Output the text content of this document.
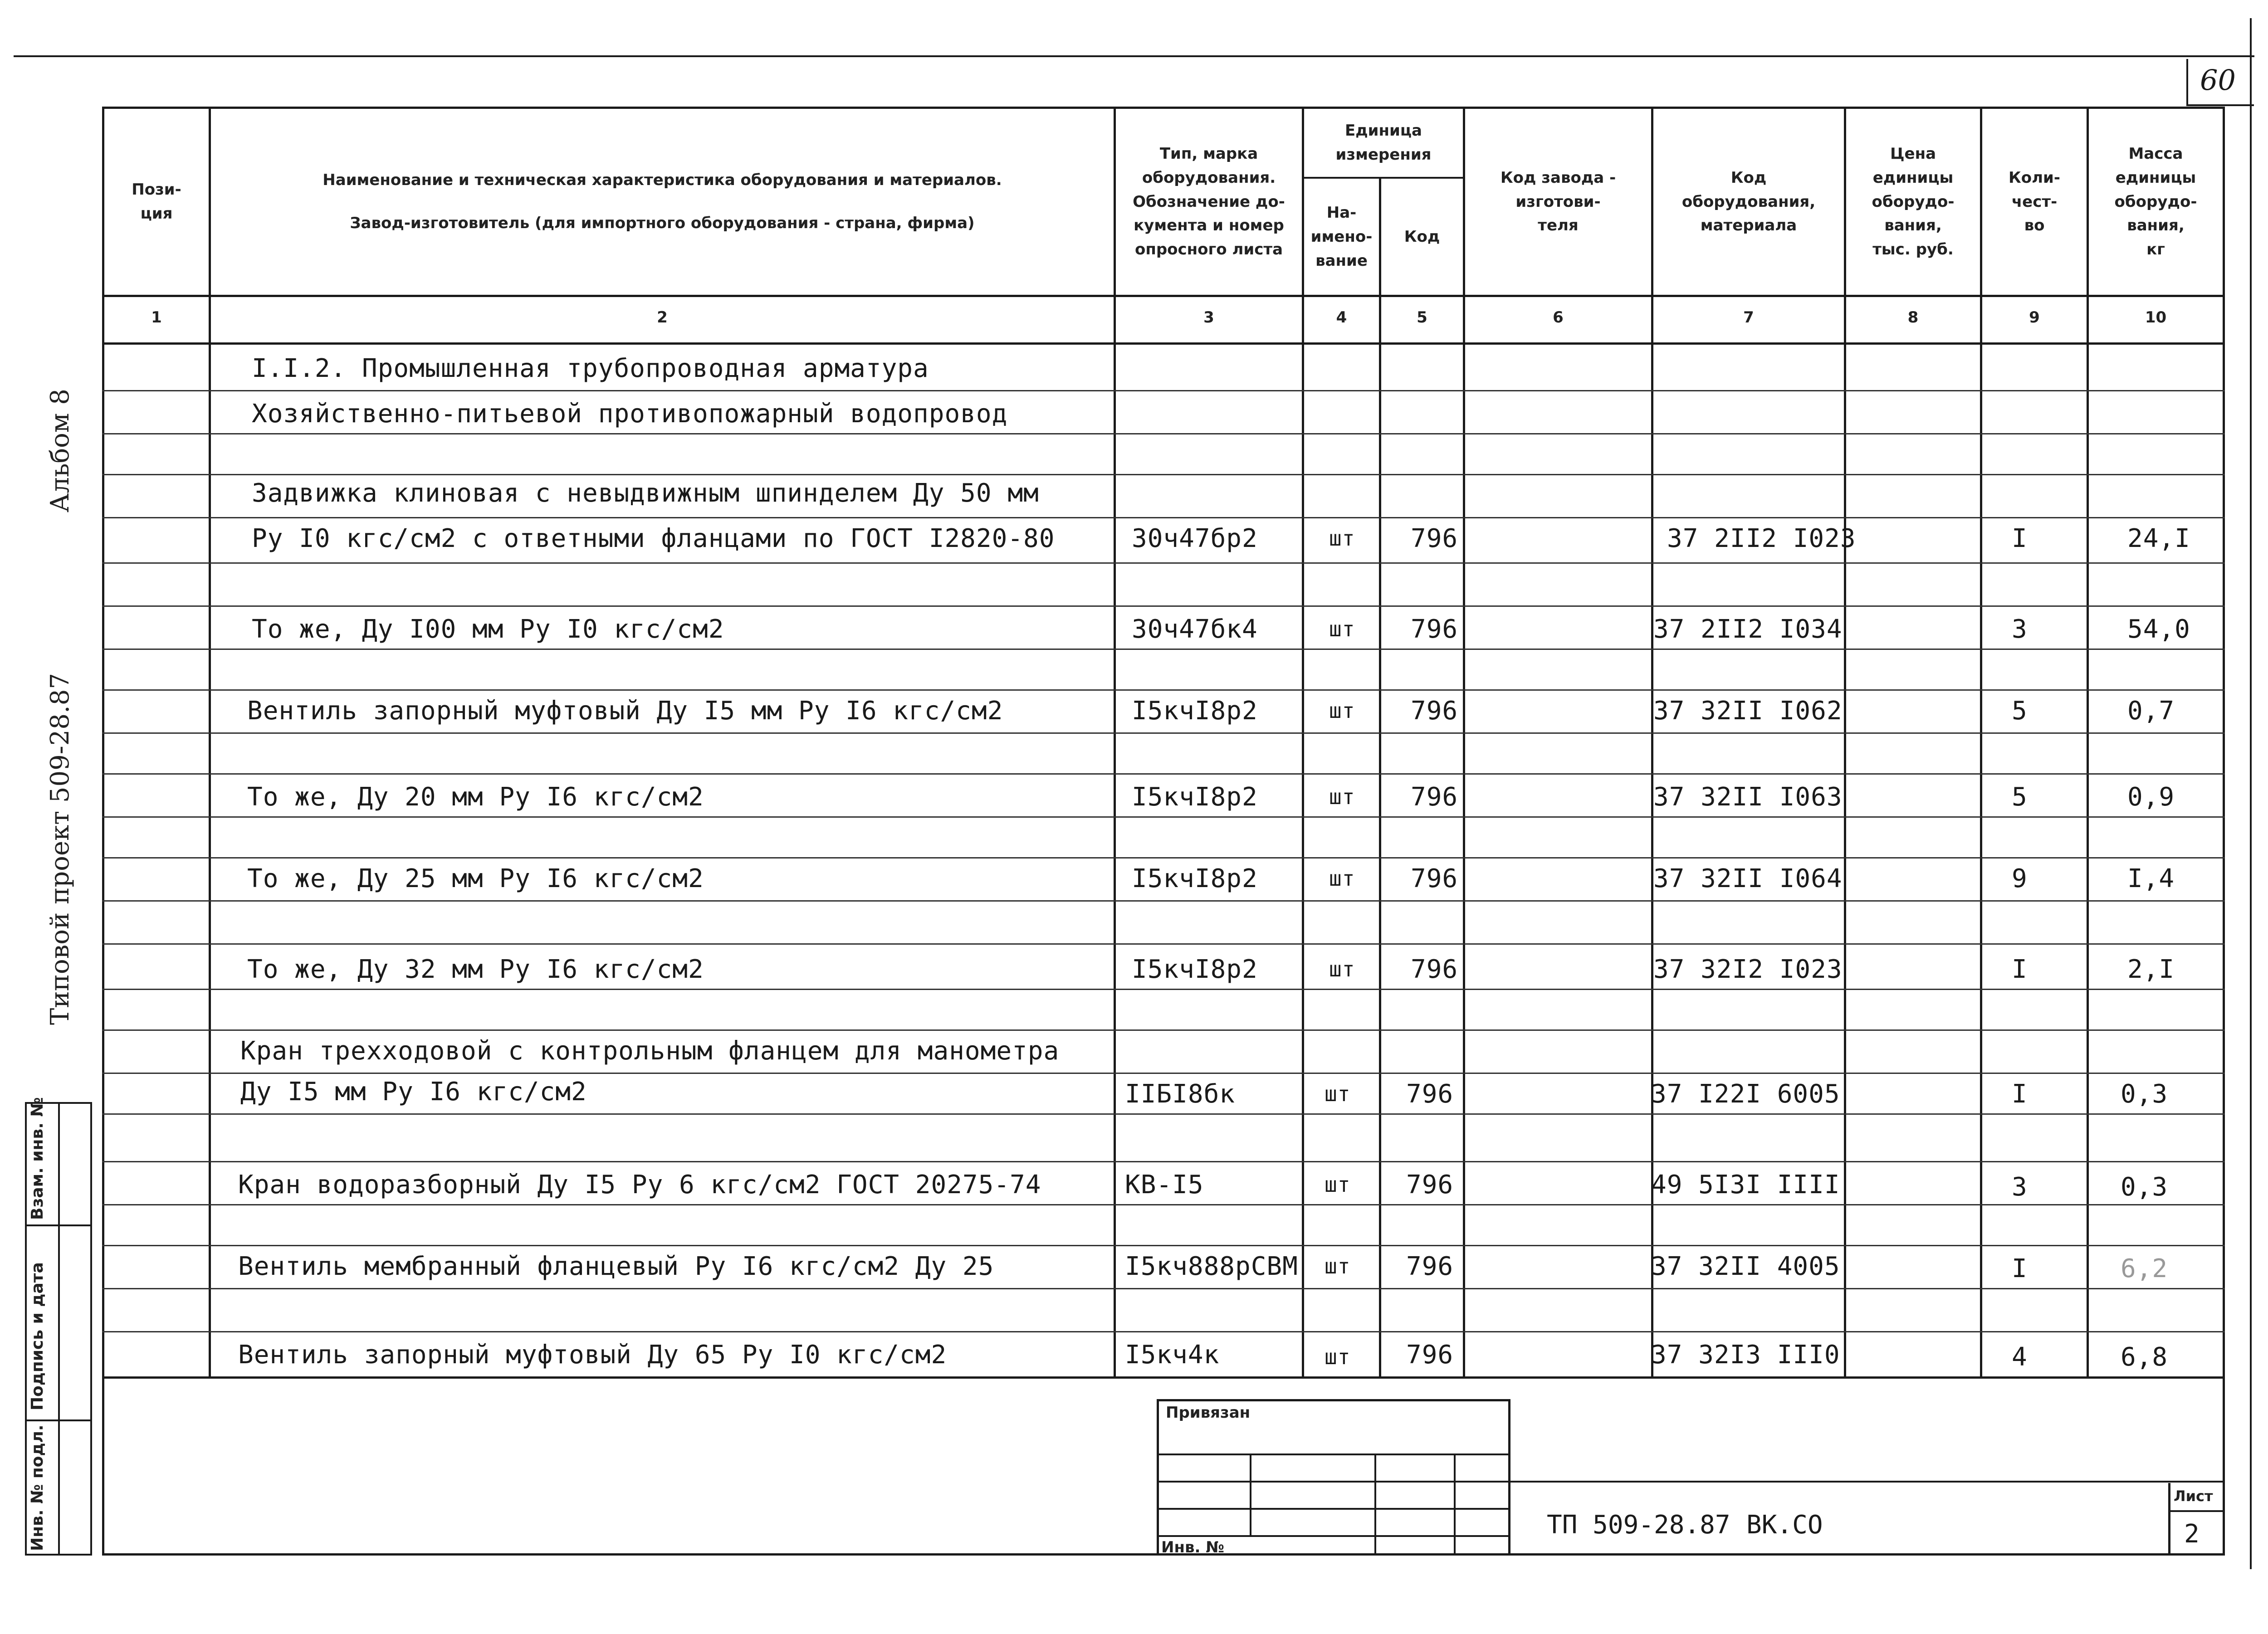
60
Альбом 8
Типовой проект 509-28.87
Взам. инв. №
Подпись и дата
Инв. № подл.
Пози-
ция
Наименование и техническая характеристика оборудования и материалов.
Завод-изготовитель (для импортного оборудования - страна, фирма)
Тип, марка
оборудования.
Обозначение до-
кумента и номер
опросного листа
Единица
измерения
На-
имено-
вание
Код
Код завода -
изготови-
теля
Код
оборудования,
материала
Цена
единицы
оборудо-
вания,
тыс. руб.
Коли-
чест-
во
Масса
единицы
оборудо-
вания,
кг
1	2	3	4	5	6	7	8	9	10
I.I.2. Промышленная трубопроводная арматура
Хозяйственно-питьевой противопожарный водопровод
Задвижка клиновая с невыдвижным шпинделем Ду 50 мм
Ру I0 кгс/см2 с ответными фланцами по ГОСТ I2820-80	30ч47бр2	шт 796	37 2II2 I023	I	24,I
То же, Ду I00 мм Ру I0 кгс/см2	30ч47бк4	шт 796	37 2II2 I034	3	54,0
Вентиль запорный муфтовый Ду I5 мм Ру I6 кгс/см2	I5кчI8р2	шт 796	37 32II I062	5	0,7
То же, Ду 20 мм Ру I6 кгс/см2	I5кчI8р2	шт 796	37 32II I063	5	0,9
То же, Ду 25 мм Ру I6 кгс/см2	I5кчI8р2	шт 796	37 32II I064	9	I,4
То же, Ду 32 мм Ру I6 кгс/см2	I5кчI8р2	шт 796	37 32I2 I023	I	2,I
Кран трехходовой с контрольным фланцем для манометра
Ду I5 мм Ру I6 кгс/см2	IIБI8бк	шт 796	37 I22I 6005	I	0,3
Кран водоразборный Ду I5 Ру 6 кгс/см2 ГОСТ 20275-74	КВ-I5	шт 796	49 5I3I IIII	3	0,3
Вентиль мембранный фланцевый Ру I6 кгс/см2 Ду 25	I5кч888рСВМ шт 796	37 32II 4005	I	6,2
Вентиль запорный муфтовый Ду 65 Ру I0 кгс/см2	I5кч4к	шт 796	37 32I3 III0	4	6,8
Привязан
Инв. №
ТП 509-28.87 ВК.СО
Лист
2
